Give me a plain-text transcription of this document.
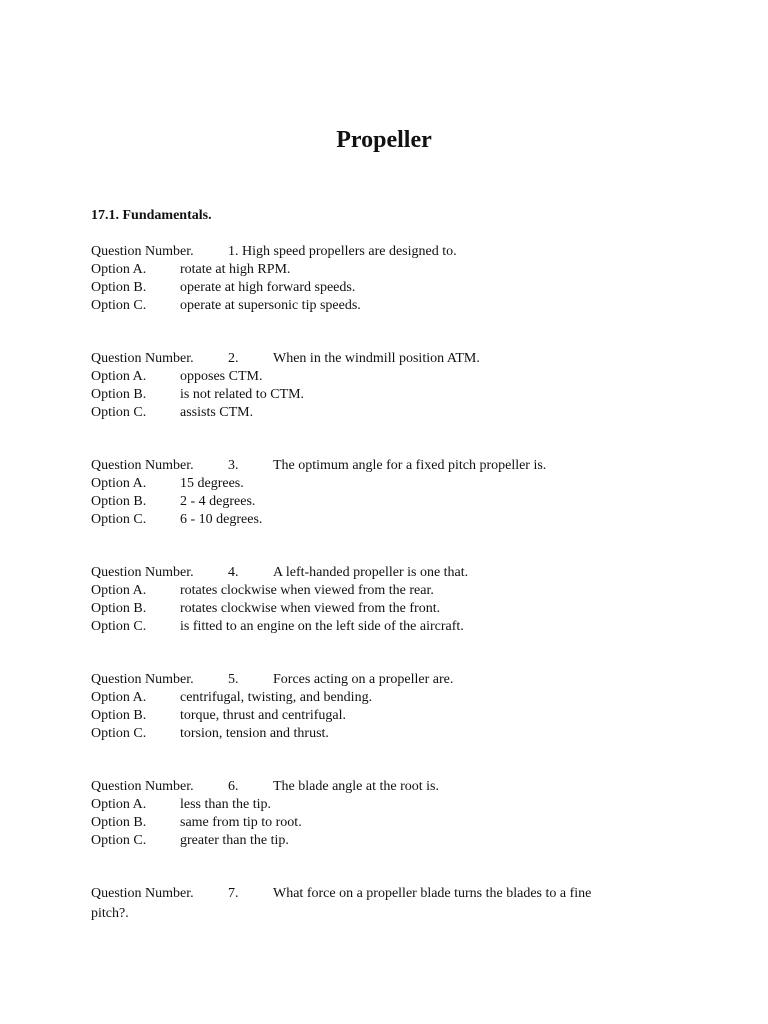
Propeller
17.1. Fundamentals.
Question Number. 1. High speed propellers are designed to.
Option A. rotate at high RPM.
Option B. operate at high forward speeds.
Option C. operate at supersonic tip speeds.
Question Number. 2. When in the windmill position ATM.
Option A. opposes CTM.
Option B. is not related to CTM.
Option C. assists CTM.
Question Number. 3. The optimum angle for a fixed pitch propeller is.
Option A. 15 degrees.
Option B. 2 - 4 degrees.
Option C. 6 - 10 degrees.
Question Number. 4. A left-handed propeller is one that.
Option A. rotates clockwise when viewed from the rear.
Option B. rotates clockwise when viewed from the front.
Option C. is fitted to an engine on the left side of the aircraft.
Question Number. 5. Forces acting on a propeller are.
Option A. centrifugal, twisting, and bending.
Option B. torque, thrust and centrifugal.
Option C. torsion, tension and thrust.
Question Number. 6. The blade angle at the root is.
Option A. less than the tip.
Option B. same from tip to root.
Option C. greater than the tip.
Question Number. 7. What force on a propeller blade turns the blades to a fine
pitch?.
